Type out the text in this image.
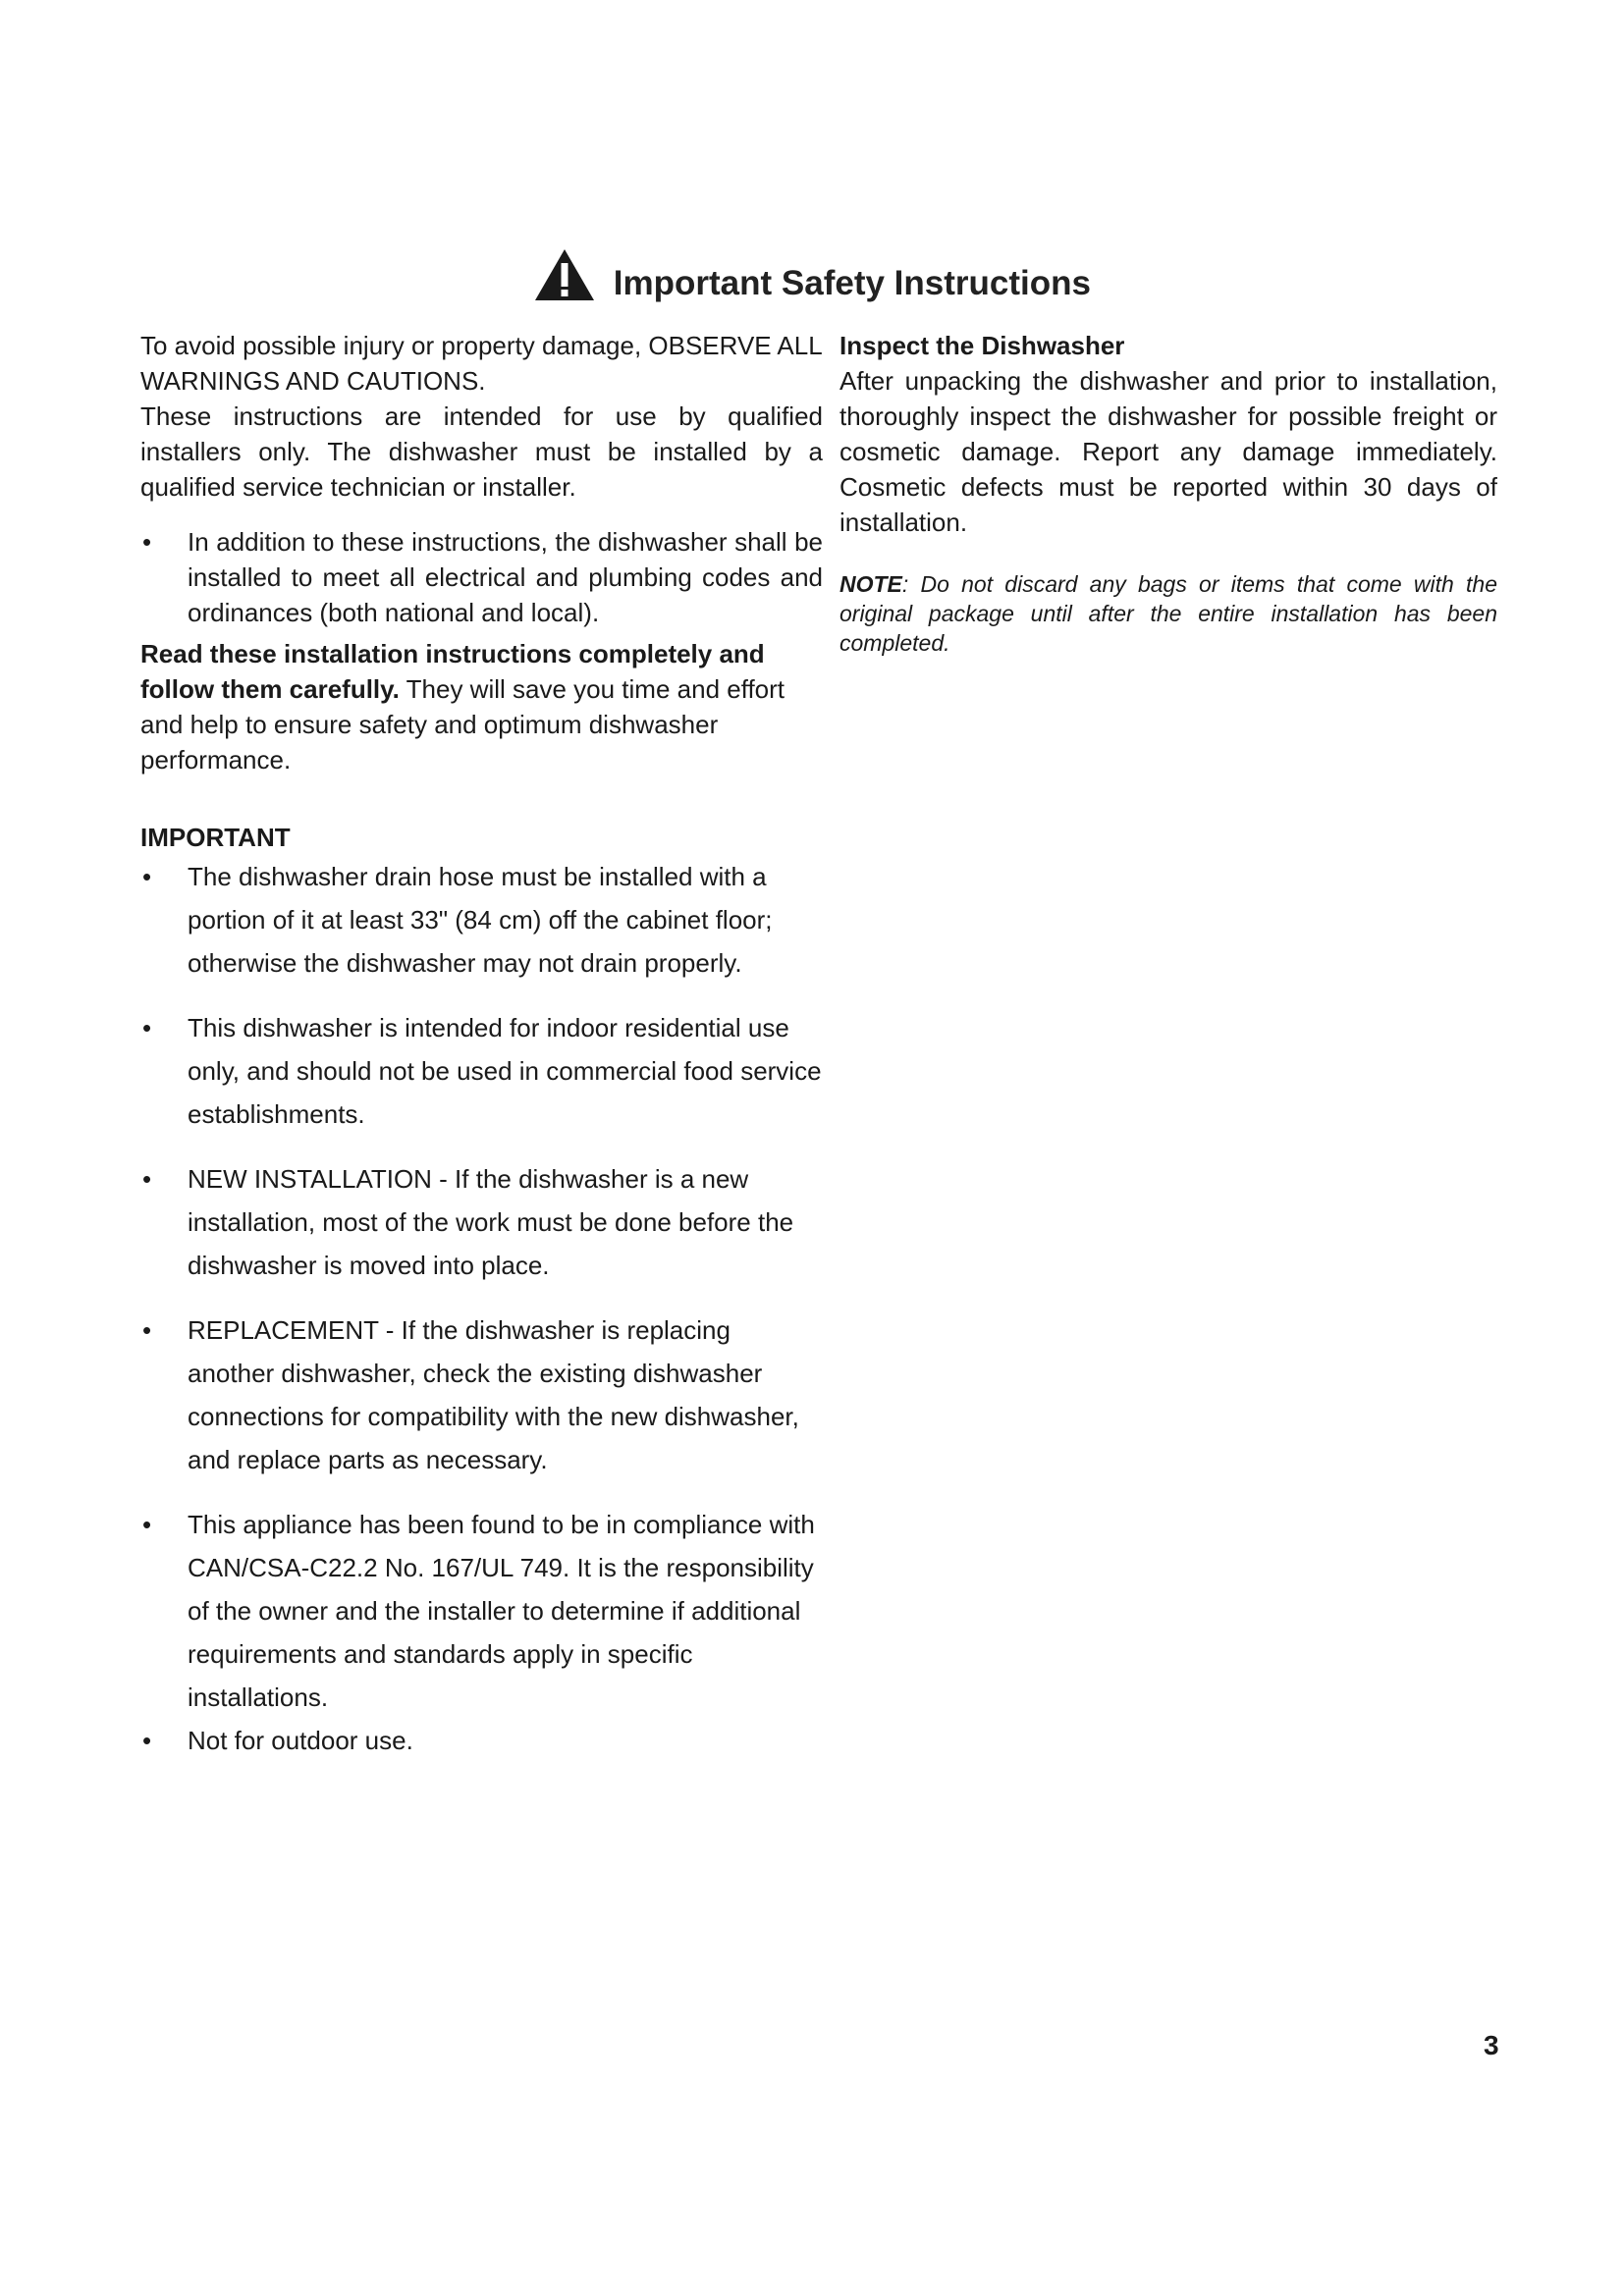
Important Safety Instructions

To avoid possible injury or property damage, OBSERVE ALL WARNINGS AND CAUTIONS.

These instructions are intended for use by qualified installers only. The dishwasher must be installed by a qualified service technician or installer.

• In addition to these instructions, the dishwasher shall be installed to meet all electrical and plumbing codes and ordinances (both national and local).

Read these installation instructions completely and follow them carefully. They will save you time and effort and help to ensure safety and optimum dishwasher performance.

IMPORTANT
• The dishwasher drain hose must be installed with a portion of it at least 33" (84 cm) off the cabinet floor; otherwise the dishwasher may not drain properly.
• This dishwasher is intended for indoor residential use only, and should not be used in commercial food service establishments.
• NEW INSTALLATION - If the dishwasher is a new installation, most of the work must be done before the dishwasher is moved into place.
• REPLACEMENT - If the dishwasher is replacing another dishwasher, check the existing dishwasher connections for compatibility with the new dishwasher, and replace parts as necessary.
• This appliance has been found to be in compliance with CAN/CSA-C22.2 No. 167/UL 749. It is the responsibility of the owner and the installer to determine if additional requirements and standards apply in specific installations.
• Not for outdoor use.
Inspect the Dishwasher

After unpacking the dishwasher and prior to installation, thoroughly inspect the dishwasher for possible freight or cosmetic damage. Report any damage immediately. Cosmetic defects must be reported within 30 days of installation.

NOTE: Do not discard any bags or items that come with the original package until after the entire installation has been completed.

3
